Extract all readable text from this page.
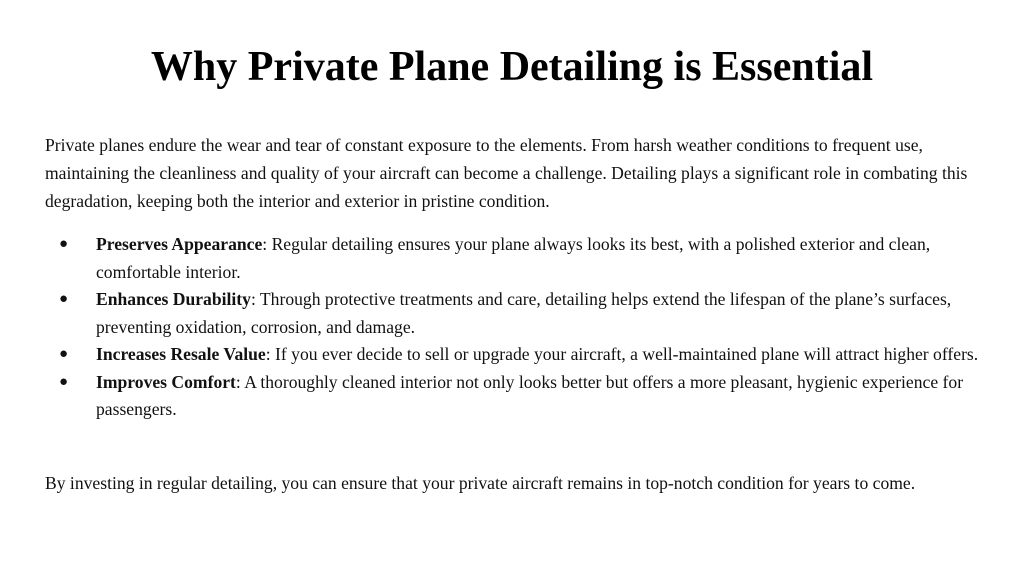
Why Private Plane Detailing is Essential

Private planes endure the wear and tear of constant exposure to the elements. From harsh weather conditions to frequent use, maintaining the cleanliness and quality of your aircraft can become a challenge. Detailing plays a significant role in combating this degradation, keeping both the interior and exterior in pristine condition.

● Preserves Appearance: Regular detailing ensures your plane always looks its best, with a polished exterior and clean, comfortable interior.
● Enhances Durability: Through protective treatments and care, detailing helps extend the lifespan of the plane’s surfaces, preventing oxidation, corrosion, and damage.
● Increases Resale Value: If you ever decide to sell or upgrade your aircraft, a well-maintained plane will attract higher offers.
● Improves Comfort: A thoroughly cleaned interior not only looks better but offers a more pleasant, hygienic experience for passengers.

By investing in regular detailing, you can ensure that your private aircraft remains in top-notch condition for years to come.
